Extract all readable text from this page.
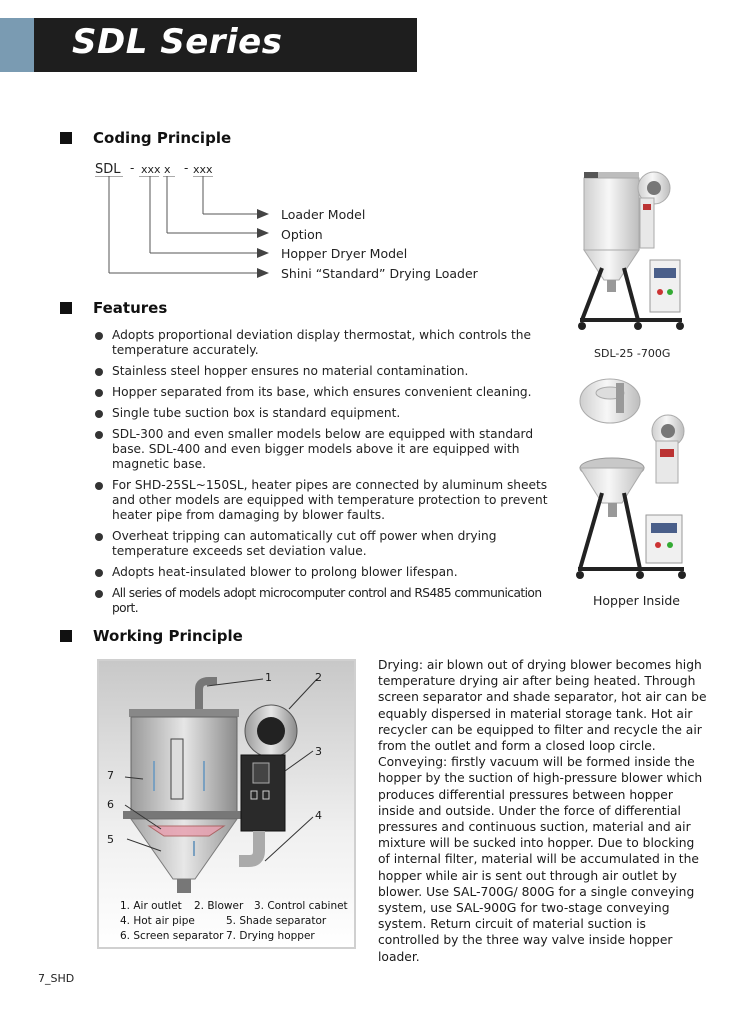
SDL Series
Coding Principle
SDL - xxx x - xxx
Loader Model
Option
Hopper Dryer Model
Shini “Standard” Drying Loader
Features
Adopts proportional deviation display thermostat, which controls the temperature accurately.
Stainless steel hopper ensures no material contamination.
Hopper separated from its base, which ensures convenient cleaning.
Single tube suction box is standard equipment.
SDL-300 and even smaller models below are equipped with standard base. SDL-400 and even bigger models above it are equipped with magnetic base.
For SHD-25SL~150SL, heater pipes are connected by aluminum sheets and other models are equipped with temperature protection to prevent heater pipe from damaging by blower faults.
Overheat tripping can automatically cut off power when drying temperature exceeds set deviation value.
Adopts heat-insulated blower to prolong blower lifespan.
All series of models adopt microcomputer control and RS485 communication port.
SDL-25 -700G
Hopper Inside
Working Principle
1	2
3
4
5
6
7
1. Air outlet 2. Blower 3. Control cabinet
4. Hot air pipe	5. Shade separator
6. Screen separator 7. Drying hopper
Drying: air blown out of drying blower becomes high temperature drying air after being heated. Through screen separator and shade separator, hot air can be equably dispersed in material storage tank. Hot air recycler can be equipped to filter and recycle the air from the outlet and form a closed loop circle. Conveying: firstly vacuum will be formed inside the hopper by the suction of high-pressure blower which produces differential pressures between hopper inside and outside. Under the force of differential pressures and continuous suction, material and air mixture will be sucked into hopper. Due to blocking of internal filter, material will be accumulated in the hopper while air is sent out through air outlet by blower. Use SAL-700G/ 800G for a single conveying system, use SAL-900G for two-stage conveying system. Return circuit of material suction is controlled by the three way valve inside hopper loader.
7_SHD
